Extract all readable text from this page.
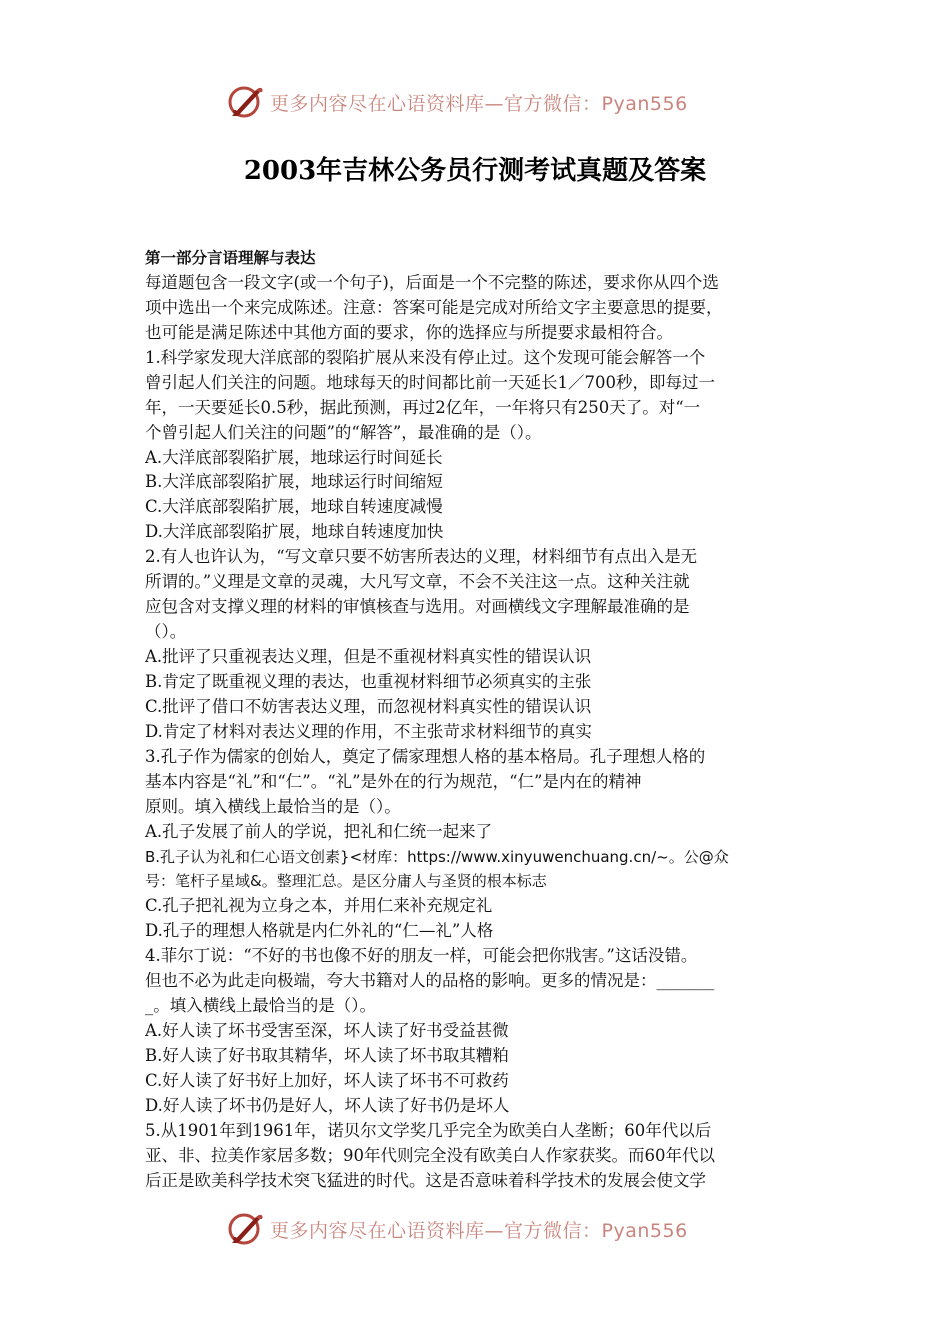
更多内容尽在心语资料库—官方微信：Pyan556
2003年吉林公务员行测考试真题及答案
第一部分言语理解与表达
每道题包含一段文字(或一个句子)，后面是一个不完整的陈述，要求你从四个选
项中选出一个来完成陈述。注意：答案可能是完成对所给文字主要意思的提要，
也可能是满足陈述中其他方面的要求，你的选择应与所提要求最相符合。
1.科学家发现大洋底部的裂陷扩展从来没有停止过。这个发现可能会解答一个
曾引起人们关注的问题。地球每天的时间都比前一天延长1／700秒，即每过一
年，一天要延长0.5秒，据此预测，再过2亿年，一年将只有250天了。对“一
个曾引起人们关注的问题”的“解答”，最准确的是（）。
A.大洋底部裂陷扩展，地球运行时间延长
B.大洋底部裂陷扩展，地球运行时间缩短
C.大洋底部裂陷扩展，地球自转速度减慢
D.大洋底部裂陷扩展，地球自转速度加快
2.有人也许认为，“写文章只要不妨害所表达的义理，材料细节有点出入是无
所谓的。”义理是文章的灵魂，大凡写文章，不会不关注这一点。这种关注就
应包含对支撑义理的材料的审慎核查与选用。对画横线文字理解最准确的是
（）。
A.批评了只重视表达义理，但是不重视材料真实性的错误认识
B.肯定了既重视义理的表达，也重视材料细节必须真实的主张
C.批评了借口不妨害表达义理，而忽视材料真实性的错误认识
D.肯定了材料对表达义理的作用，不主张苛求材料细节的真实
3.孔子作为儒家的创始人，奠定了儒家理想人格的基本格局。孔子理想人格的
基本内容是“礼”和“仁”。“礼”是外在的行为规范，“仁”是内在的精神
原则。填入横线上最恰当的是（）。
A.孔子发展了前人的学说，把礼和仁统一起来了
B.孔子认为礼和仁心语文创素}<材库：https://www.xinyuwenchuang.cn/~。公@众
号：笔杆子星域&。整理汇总。是区分庸人与圣贤的根本标志
C.孔子把礼视为立身之本，并用仁来补充规定礼
D.孔子的理想人格就是内仁外礼的“仁—礼”人格
4.菲尔丁说：“不好的书也像不好的朋友一样，可能会把你戕害。”这话没错。
但也不必为此走向极端，夸大书籍对人的品格的影响。更多的情况是：_______
_。填入横线上最恰当的是（）。
A.好人读了坏书受害至深，坏人读了好书受益甚微
B.好人读了好书取其精华，坏人读了坏书取其糟粕
C.好人读了好书好上加好，坏人读了坏书不可救药
D.好人读了坏书仍是好人，坏人读了好书仍是坏人
5.从1901年到1961年，诺贝尔文学奖几乎完全为欧美白人垄断；60年代以后
亚、非、拉美作家居多数；90年代则完全没有欧美白人作家获奖。而60年代以
后正是欧美科学技术突飞猛进的时代。这是否意味着科学技术的发展会使文学
更多内容尽在心语资料库—官方微信：Pyan556
